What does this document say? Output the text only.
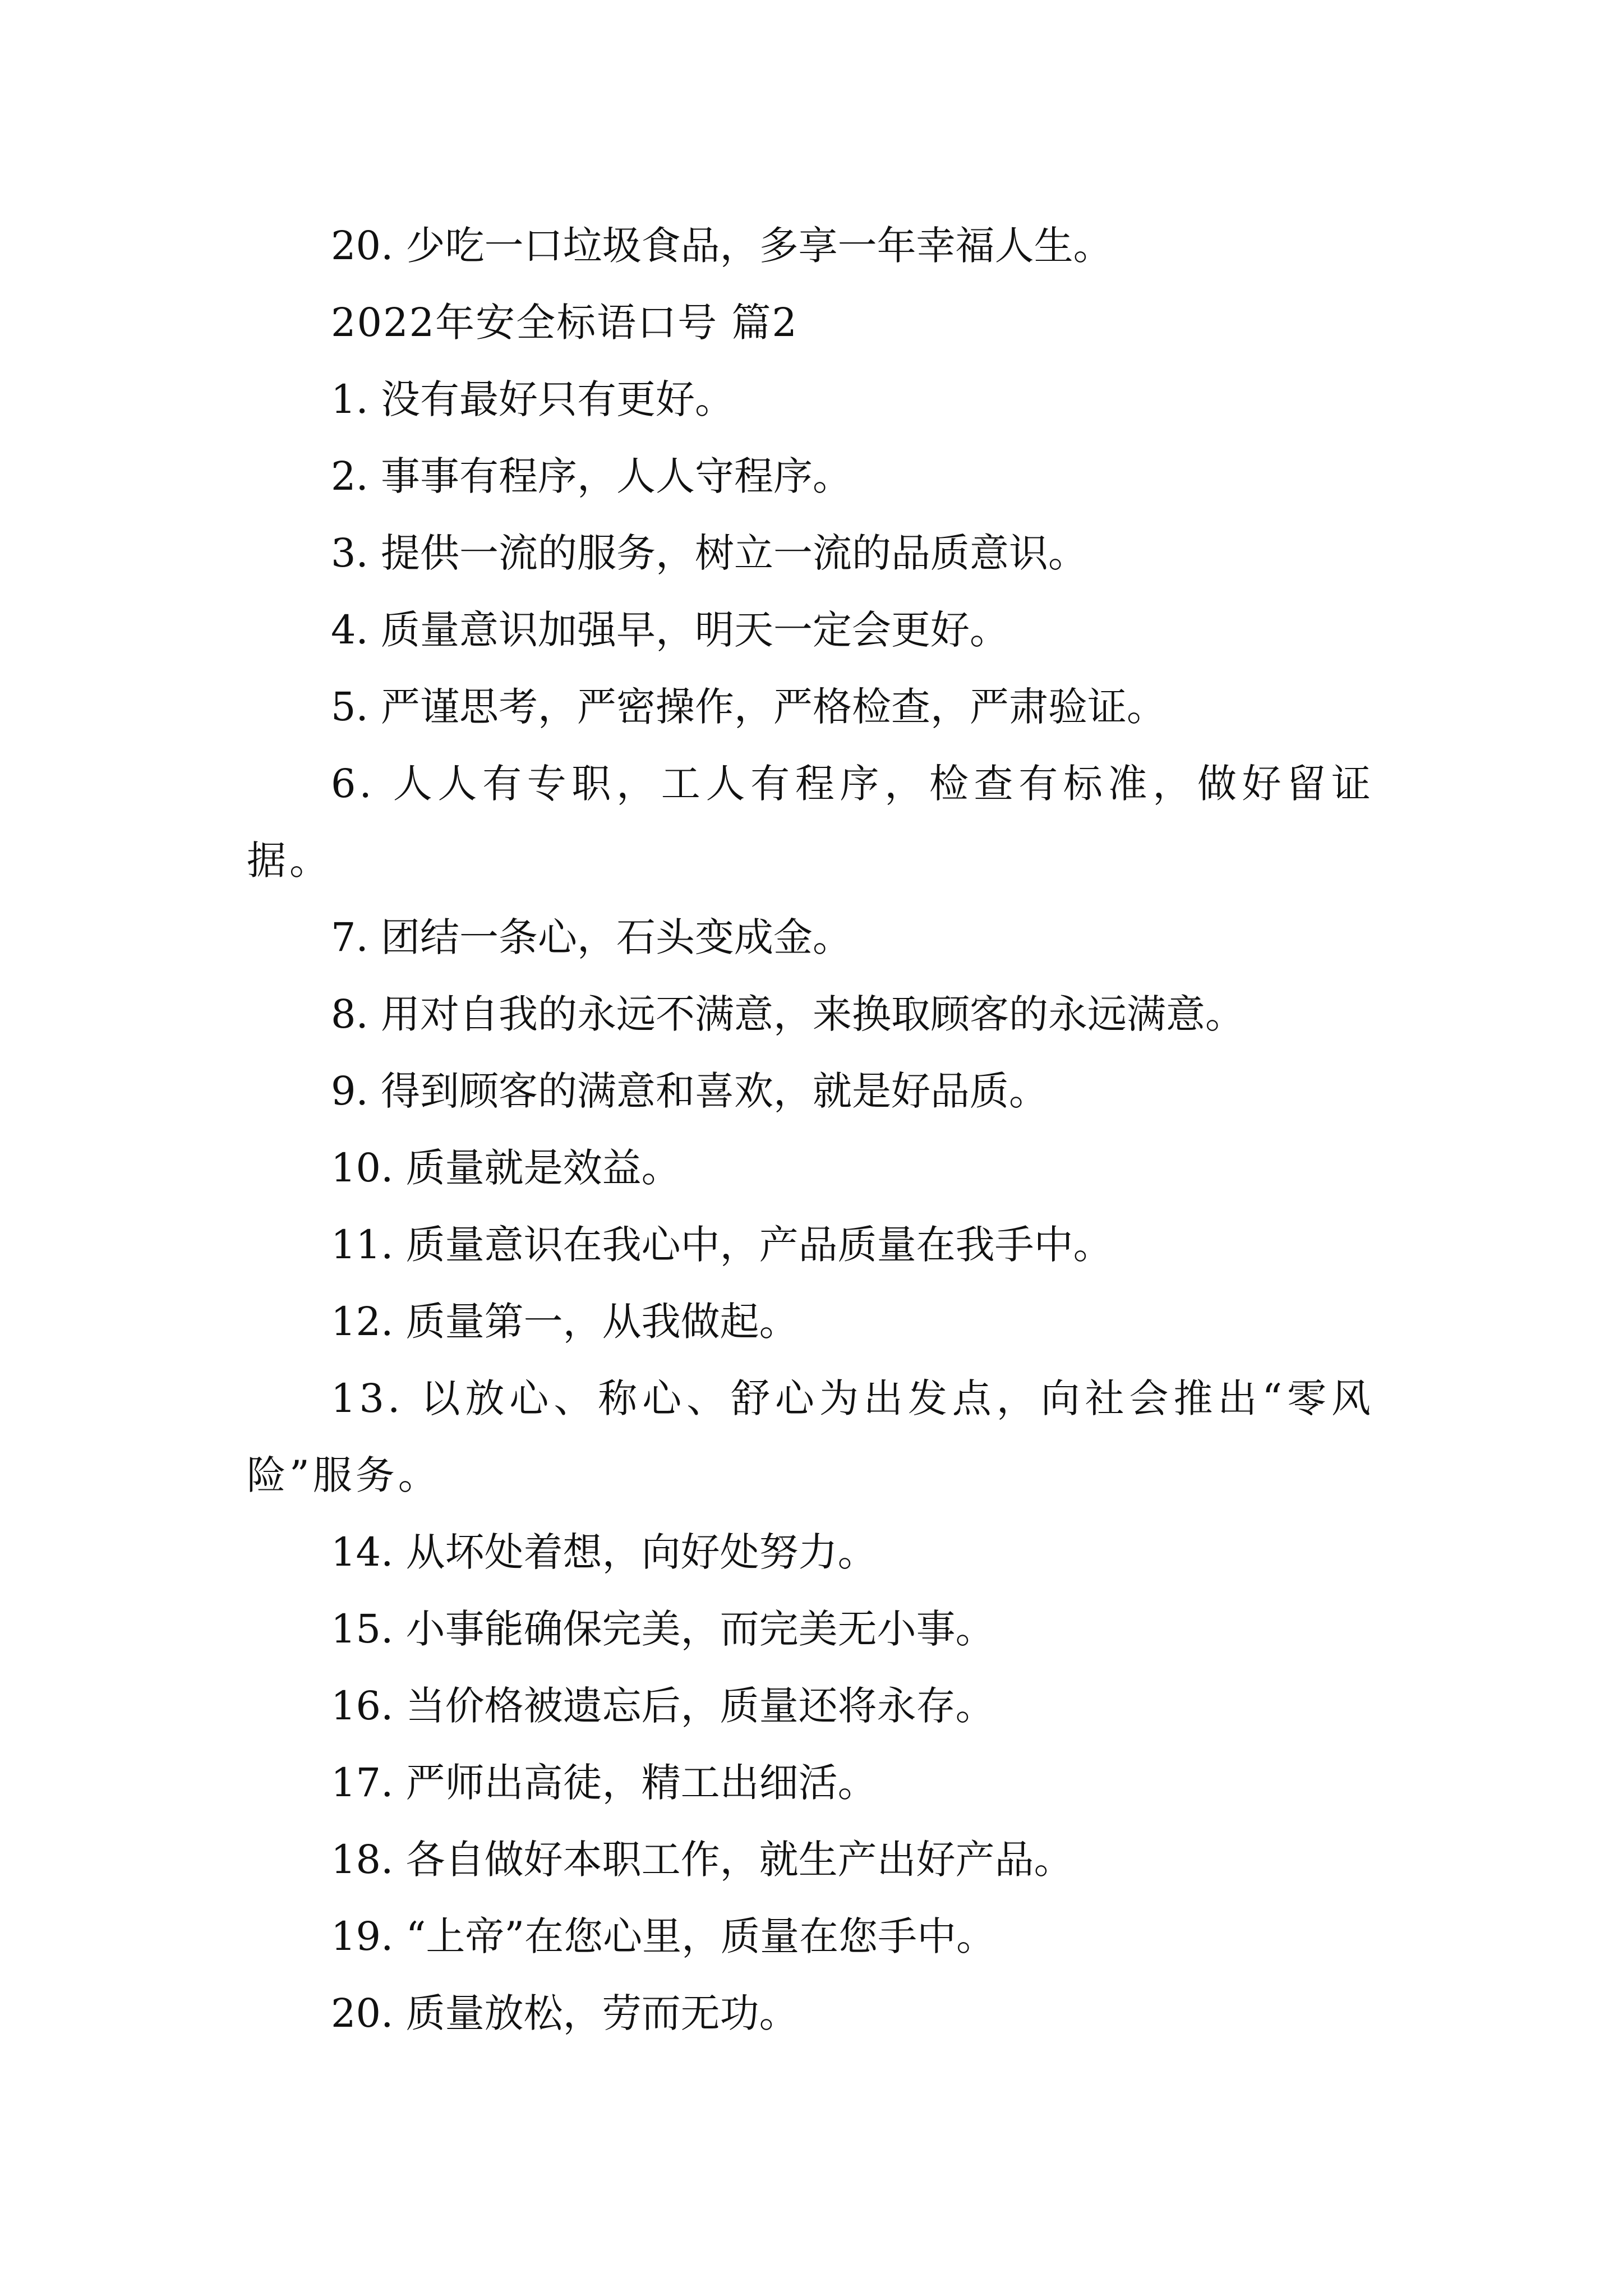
20. 少吃一口垃圾食品，多享一年幸福人生。
2022年安全标语口号 篇2
1. 没有最好只有更好。
2. 事事有程序，人人守程序。
3. 提供一流的服务，树立一流的品质意识。
4. 质量意识加强早，明天一定会更好。
5. 严谨思考，严密操作，严格检查，严肃验证。
6. 人人有专职，工人有程序，检查有标准，做好留证据。
7. 团结一条心，石头变成金。
8. 用对自我的永远不满意，来换取顾客的永远满意。
9. 得到顾客的满意和喜欢，就是好品质。
10. 质量就是效益。
11. 质量意识在我心中，产品质量在我手中。
12. 质量第一，从我做起。
13. 以放心、称心、舒心为出发点，向社会推出“零风险”服务。
14. 从坏处着想，向好处努力。
15. 小事能确保完美，而完美无小事。
16. 当价格被遗忘后，质量还将永存。
17. 严师出高徒，精工出细活。
18. 各自做好本职工作，就生产出好产品。
19. “上帝”在您心里，质量在您手中。
20. 质量放松，劳而无功。
